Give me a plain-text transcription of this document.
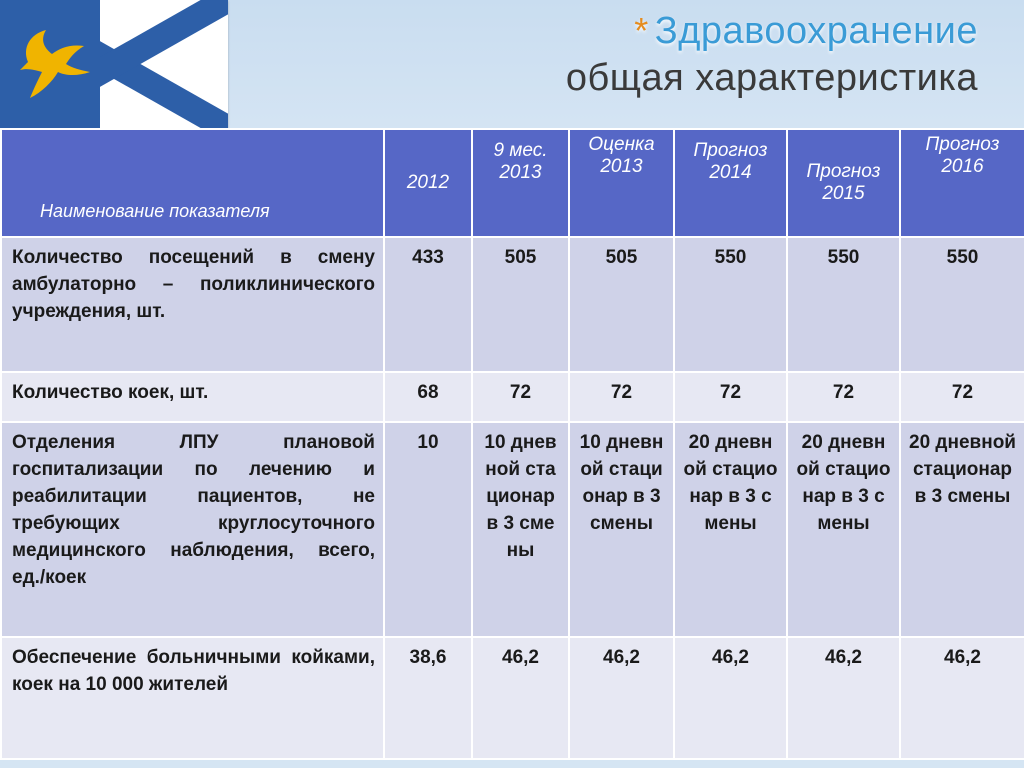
* Здравоохранение
общая характеристика
Наименование показателя	2012	9 мес. 2013	Оценка 2013	Прогноз 2014	Прогноз 2015	Прогноз 2016
Количество посещений в смену амбулаторно – поликлинического учреждения, шт.	433	505	505	550	550	550
Количество коек, шт.	68	72	72	72	72	72
Отделения ЛПУ плановой госпитализации по лечению и реабилитации пациентов, не требующих круглосуточного медицинского наблюдения, всего, ед./коек	10	10 дневной стационар в 3 смены	10 дневной стационар в 3 смены	20 дневной стационар в 3 смены	20 дневной стационар в 3 смены	20 дневной стационар в 3 смены
Обеспечение больничными койками, коек на 10 000 жителей	38,6	46,2	46,2	46,2	46,2	46,2
